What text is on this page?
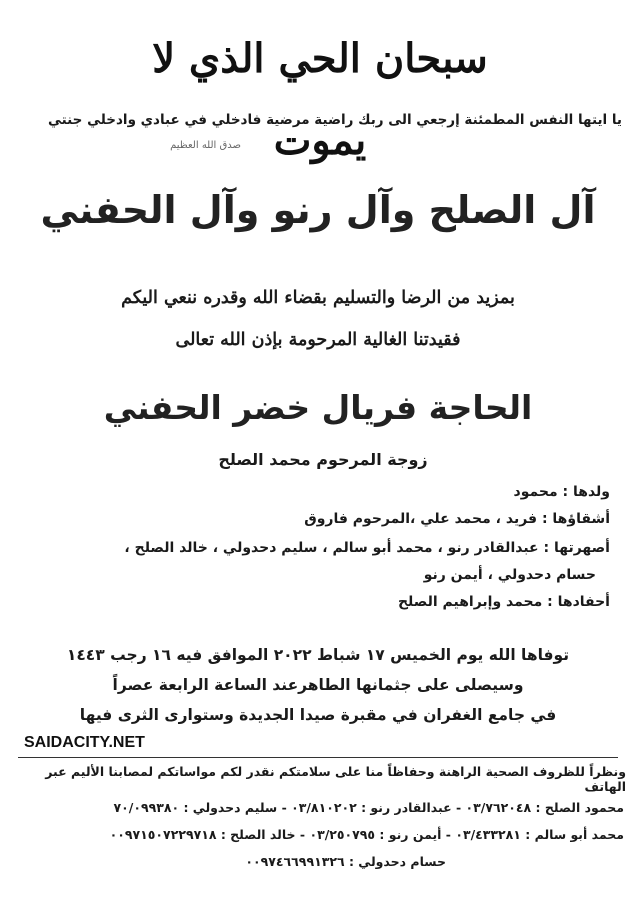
سبحان الحي الذي لا يموت
يا ايتها النفس المطمئنة إرجعي الى ربك راضية مرضية فادخلي في عبادي وادخلي جنتي
صدق الله العظيم
آل الصلح وآل رنو وآل الحفني
بمزيد من الرضا والتسليم بقضاء الله وقدره ننعي اليكم
فقيدتنا الغالية المرحومة بإذن الله تعالى
الحاجة فريال خضر الحفني
زوجة المرحوم محمد الصلح
ولدها : محمود
أشقاؤها : فريد ، محمد علي ،المرحوم فاروق
أصهرتها : عبدالقادر رنو ، محمد أبو سالم ، سليم دحدولي ، خالد الصلح ،
حسام دحدولي ، أيمن رنو
أحفادها : محمد وإبراهيم الصلح
توفاها الله يوم الخميس ١٧ شباط ٢٠٢٢ الموافق فيه ١٦ رجب ١٤٤٣
وسيصلى على جثمانها الطاهرعند الساعة الرابعة عصراً
في جامع الغفران في مقبرة صيدا الجديدة وستوارى الثرى فيها
SAIDACITY.NET
ونظراً للظروف الصحية الراهنة وحفاظاً منا على سلامتكم نقدر لكم مواساتكم لمصابنا الأليم عبر الهاتف
محمود الصلح : ٠٣/٧٦٢٠٤٨ - عبدالقادر رنو : ٠٣/٨١٠٢٠٢ - سليم دحدولي : ٧٠/٠٩٩٣٨٠
محمد أبو سالم : ٠٣/٤٣٣٢٨١ - أيمن رنو : ٠٣/٢٥٠٧٩٥ - خالد الصلح : ٠٠٩٧١٥٠٧٢٢٩٧١٨
حسام دحدولي : ٠٠٩٧٤٦٦٩٩١٣٢٦
